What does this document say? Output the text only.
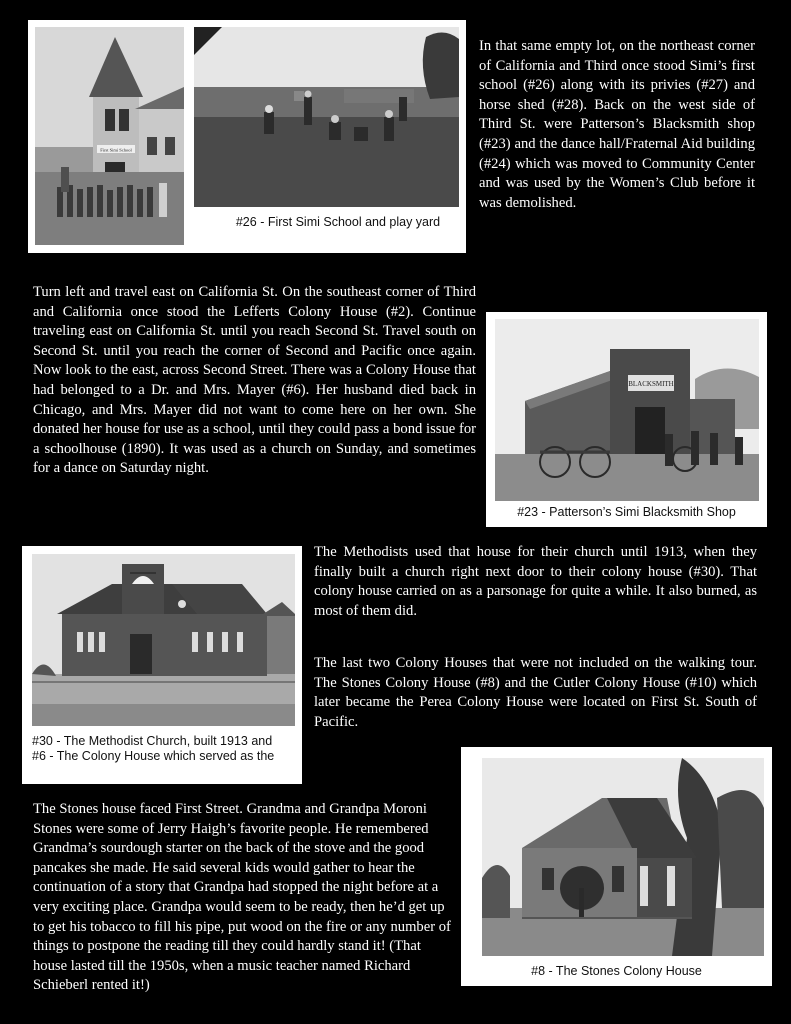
First Simi School
#26 - First Simi School and play yard

In that same empty lot, on the northeast corner of California and Third once stood Simi’s first school (#26) along with its privies (#27) and horse shed (#28). Back on the west side of Third St. were Patterson’s Blacksmith shop (#23) and the dance hall/Fraternal Aid building (#24) which was moved to Community Center and was used by the Women’s Club before it was demolished.

Turn left and travel east on California St. On the southeast corner of Third and California once stood the Lefferts Colony House (#2). Continue traveling east on California St. until you reach Second St. Travel south on Second St. until you reach the corner of Second and Pacific once again. Now look to the east, across Second Street. There was a Colony House that had belonged to a Dr. and Mrs. Mayer (#6). Her husband died back in Chicago, and Mrs. Mayer did not want to come here on her own. She donated her house for use as a school, until they could pass a bond issue for a schoolhouse (1890). It was used as a church on Sunday, and sometimes for a dance on Saturday night.

BLACKSMITH
#23 - Patterson’s Simi Blacksmith Shop
#30 - The Methodist Church, built 1913 and
#6 - The Colony House which served as the

The Methodists used that house for their church until 1913, when they finally built a church right next door to their colony house (#30). That colony house carried on as a parsonage for quite a while. It also burned, as most of them did.

The last two Colony Houses that were not included on the walking tour. The Stones Colony House (#8) and the Cutler Colony House (#10) which later became the Perea Colony House were located on First St. South of Pacific.

#8 - The Stones Colony House

The Stones house faced First Street. Grandma and Grandpa Moroni Stones were some of Jerry Haigh’s favorite people. He remembered Grandma’s sourdough starter on the back of the stove and the good pancakes she made. He said several kids would gather to hear the continuation of a story that Grandpa had stopped the night before at a very exciting place. Grandpa would seem to be ready, then he’d get up to get his tobacco to fill his pipe, put wood on the fire or any number of things to postpone the reading till they could hardly stand it! (That house lasted till the 1950s, when a music teacher named Richard Schieberl rented it!)
